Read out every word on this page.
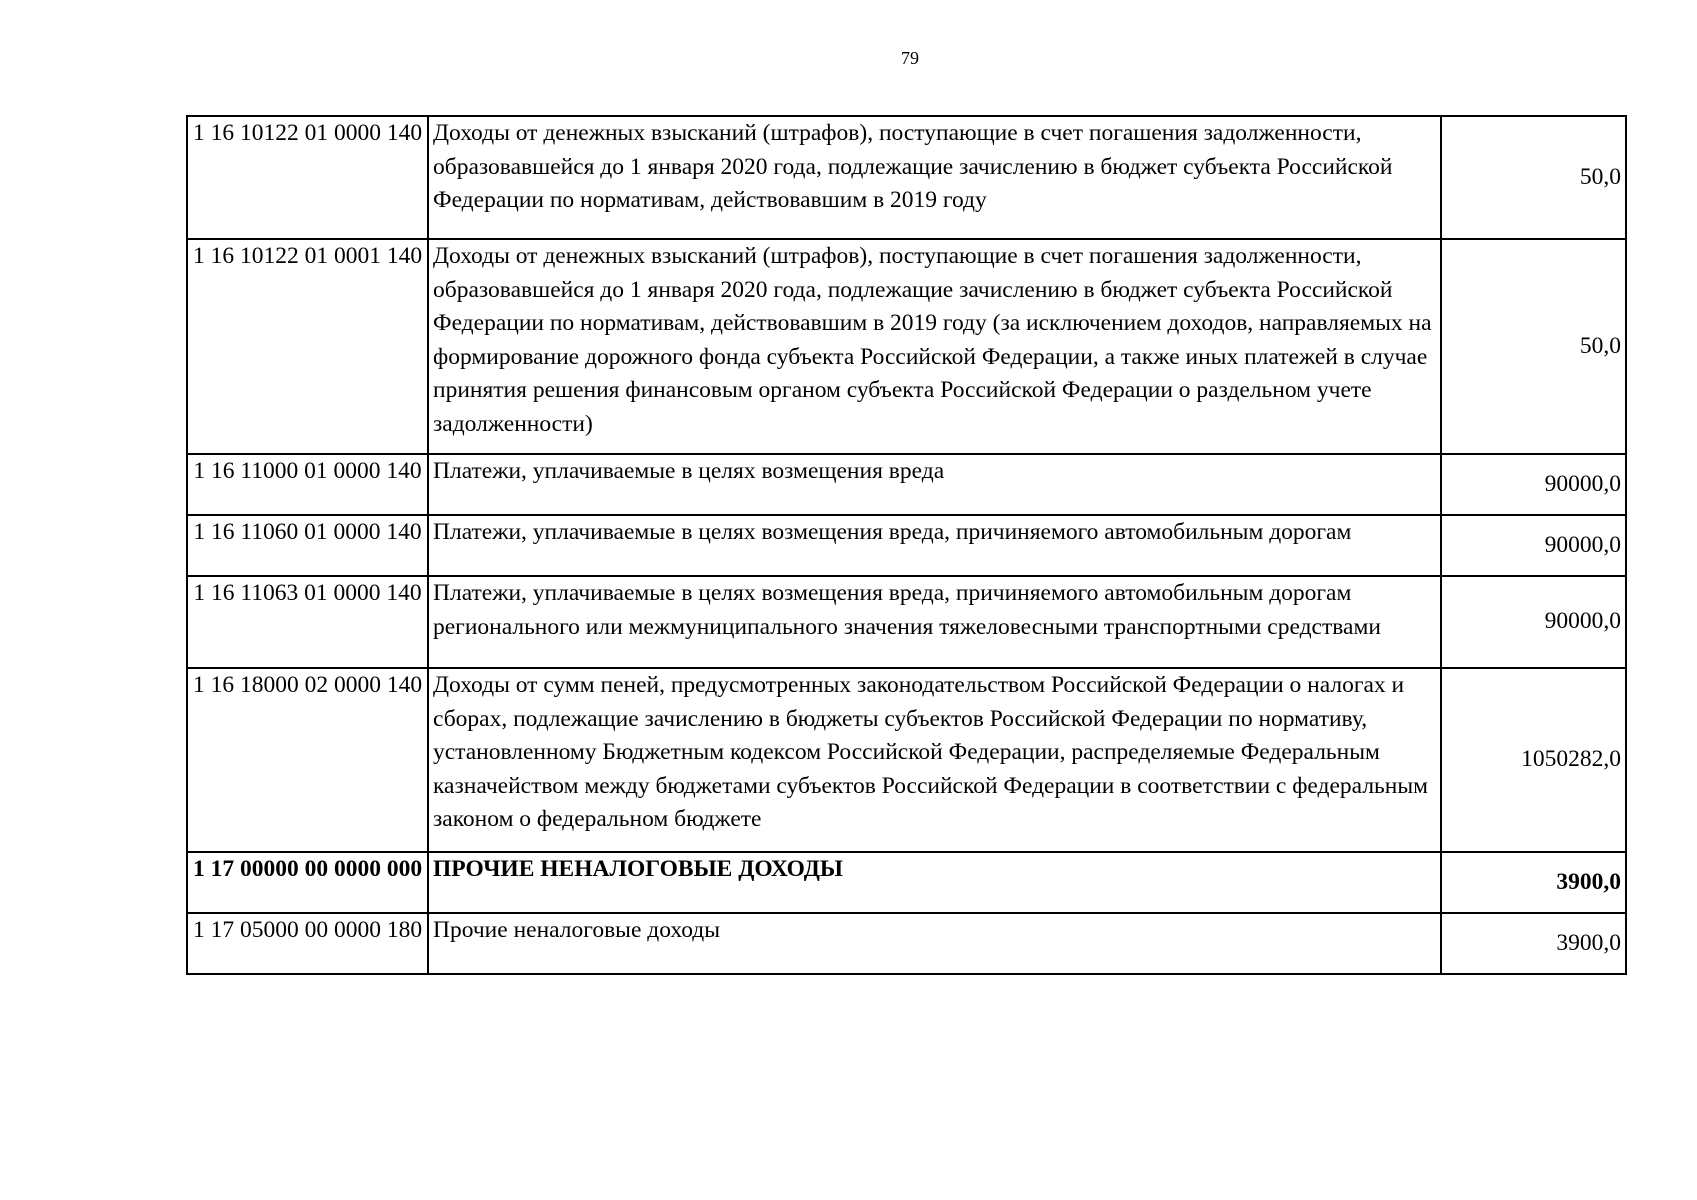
79
1 16 10122 01 0000 140	Доходы от денежных взысканий (штрафов), поступающие в счет погашения задолженности, образовавшейся до 1 января 2020 года, подлежащие зачислению в бюджет субъекта Российской Федерации по нормативам, действовавшим в 2019 году	50,0
1 16 10122 01 0001 140	Доходы от денежных взысканий (штрафов), поступающие в счет погашения задолженности, образовавшейся до 1 января 2020 года, подлежащие зачислению в бюджет субъекта Российской Федерации по нормативам, действовавшим в 2019 году (за исключением доходов, направляемых на формирование дорожного фонда субъекта Российской Федерации, а также иных платежей в случае принятия решения финансовым органом субъекта Российской Федерации о раздельном учете задолженности)	50,0
1 16 11000 01 0000 140	Платежи, уплачиваемые в целях возмещения вреда	90000,0
1 16 11060 01 0000 140	Платежи, уплачиваемые в целях возмещения вреда, причиняемого автомобильным дорогам	90000,0
1 16 11063 01 0000 140	Платежи, уплачиваемые в целях возмещения вреда, причиняемого автомобильным дорогам регионального или межмуниципального значения тяжеловесными транспортными средствами	90000,0
1 16 18000 02 0000 140	Доходы от сумм пеней, предусмотренных законодательством Российской Федерации о налогах и сборах, подлежащие зачислению в бюджеты субъектов Российской Федерации по нормативу, установленному Бюджетным кодексом Российской Федерации, распределяемые Федеральным казначейством между бюджетами субъектов Российской Федерации в соответствии с федеральным законом о федеральном бюджете	1050282,0
1 17 00000 00 0000 000	ПРОЧИЕ НЕНАЛОГОВЫЕ ДОХОДЫ	3900,0
1 17 05000 00 0000 180	Прочие неналоговые доходы	3900,0
